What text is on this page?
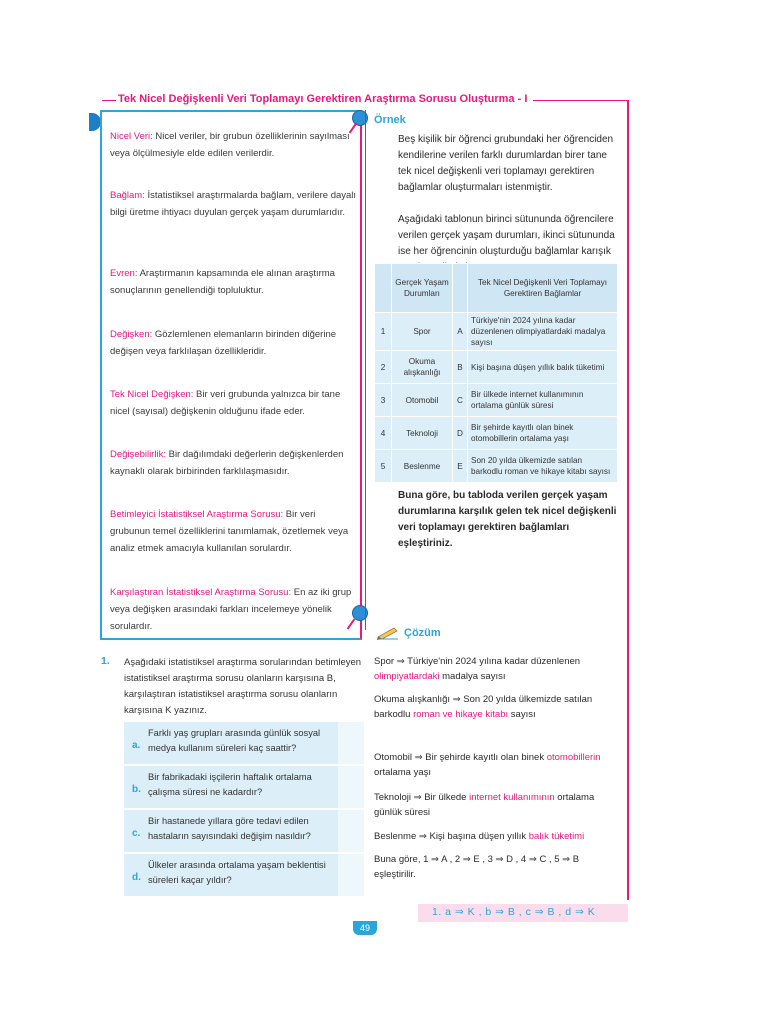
Tek Nicel Değişkenli Veri Toplamayı Gerektiren Araştırma Sorusu Oluşturma - I
Nicel Veri: Nicel veriler, bir grubun özelliklerinin sayılması veya ölçülmesiyle elde edilen verilerdir.
Bağlam: İstatistiksel araştırmalarda bağlam, verilere dayalı bilgi üretme ihtiyacı duyulan gerçek yaşam durumlarıdır.
Evren: Araştırmanın kapsamında ele alınan araştırma sonuçlarının genellendiği topluluktur.
Değişken: Gözlemlenen elemanların birinden diğerine değişen veya farklılaşan özellikleridir.
Tek Nicel Değişken: Bir veri grubunda yalnızca bir tane nicel (sayısal) değişkenin olduğunu ifade eder.
Değişebilirlik: Bir dağılımdaki değerlerin değişkenlerden kaynaklı olarak birbirinden farklılaşmasıdır.
Betimleyici İstatistiksel Araştırma Sorusu: Bir veri grubunun temel özelliklerini tanımlamak, özetlemek veya analiz etmek amacıyla kullanılan sorulardır.
Karşılaştıran İstatistiksel Araştırma Sorusu: En az iki grup veya değişken arasındaki farkları incelemeye yönelik sorulardır.
Örnek
Beş kişilik bir öğrenci grubundaki her öğrenciden kendilerine verilen farklı durumlardan birer tane tek nicel değişkenli veri toplamayı gerektiren bağlamlar oluşturmaları istenmiştir.
Aşağıdaki tablonun birinci sütununda öğrencilere verilen gerçek yaşam durumları, ikinci sütununda ise her öğrencinin oluşturduğu bağlamlar karışık
	Gerçek Yaşam Durumları		Tek Nicel Değişkenli Veri Toplamayı Gerektiren Bağlamlar
1	Spor	A	Türkiye'nin 2024 yılına kadar düzenlenen olimpiyatlardaki madalya sayısı
2	Okuma alışkanlığı	B	Kişi başına düşen yıllık balık tüketimi
3	Otomobil	C	Bir ülkede internet kullanımının ortalama günlük süresi
4	Teknoloji	D	Bir şehirde kayıtlı olan binek otomobillerin ortalama yaşı
5	Beslenme	E	Son 20 yılda ülkemizde satılan barkodlu roman ve hikaye kitabı sayısı
Buna göre, bu tabloda verilen gerçek yaşam durumlarına karşılık gelen tek nicel değişkenli veri toplamayı gerektiren bağlamları eşleştiriniz.
Çözüm
Spor ⇒ Türkiye'nin 2024 yılına kadar düzenlenen olimpiyatlardaki madalya sayısı
Okuma alışkanlığı ⇒ Son 20 yılda ülkemizde satılan barkodlu roman ve hikaye kitabı sayısı
Otomobil ⇒ Bir şehirde kayıtlı olan binek otomobillerin ortalama yaşı
Teknoloji ⇒ Bir ülkede internet kullanımının ortalama günlük süresi
Beslenme ⇒ Kişi başına düşen yıllık balık tüketimi
Buna göre, 1 ⇒ A , 2 ⇒ E , 3 ⇒ D , 4 ⇒ C , 5 ⇒ B eşleştirilir.
1. Aşağıdaki istatistiksel araştırma sorularından betimleyen istatistiksel araştırma sorusu olanların karşısına B, karşılaştıran istatistiksel araştırma sorusu olanların karşısına K yazınız.
a.
Farklı yaş grupları arasında günlük sosyal medya kullanım süreleri kaç saattir?
b.
Bir fabrikadaki işçilerin haftalık ortalama çalışma süresi ne kadardır?
c.
Bir hastanede yıllara göre tedavi edilen hastaların sayısındaki değişim nasıldır?
d.
Ülkeler arasında ortalama yaşam beklentisi süreleri kaçar yıldır?
1. a ⇒ K , b ⇒ B , c ⇒ B , d ⇒ K
49
